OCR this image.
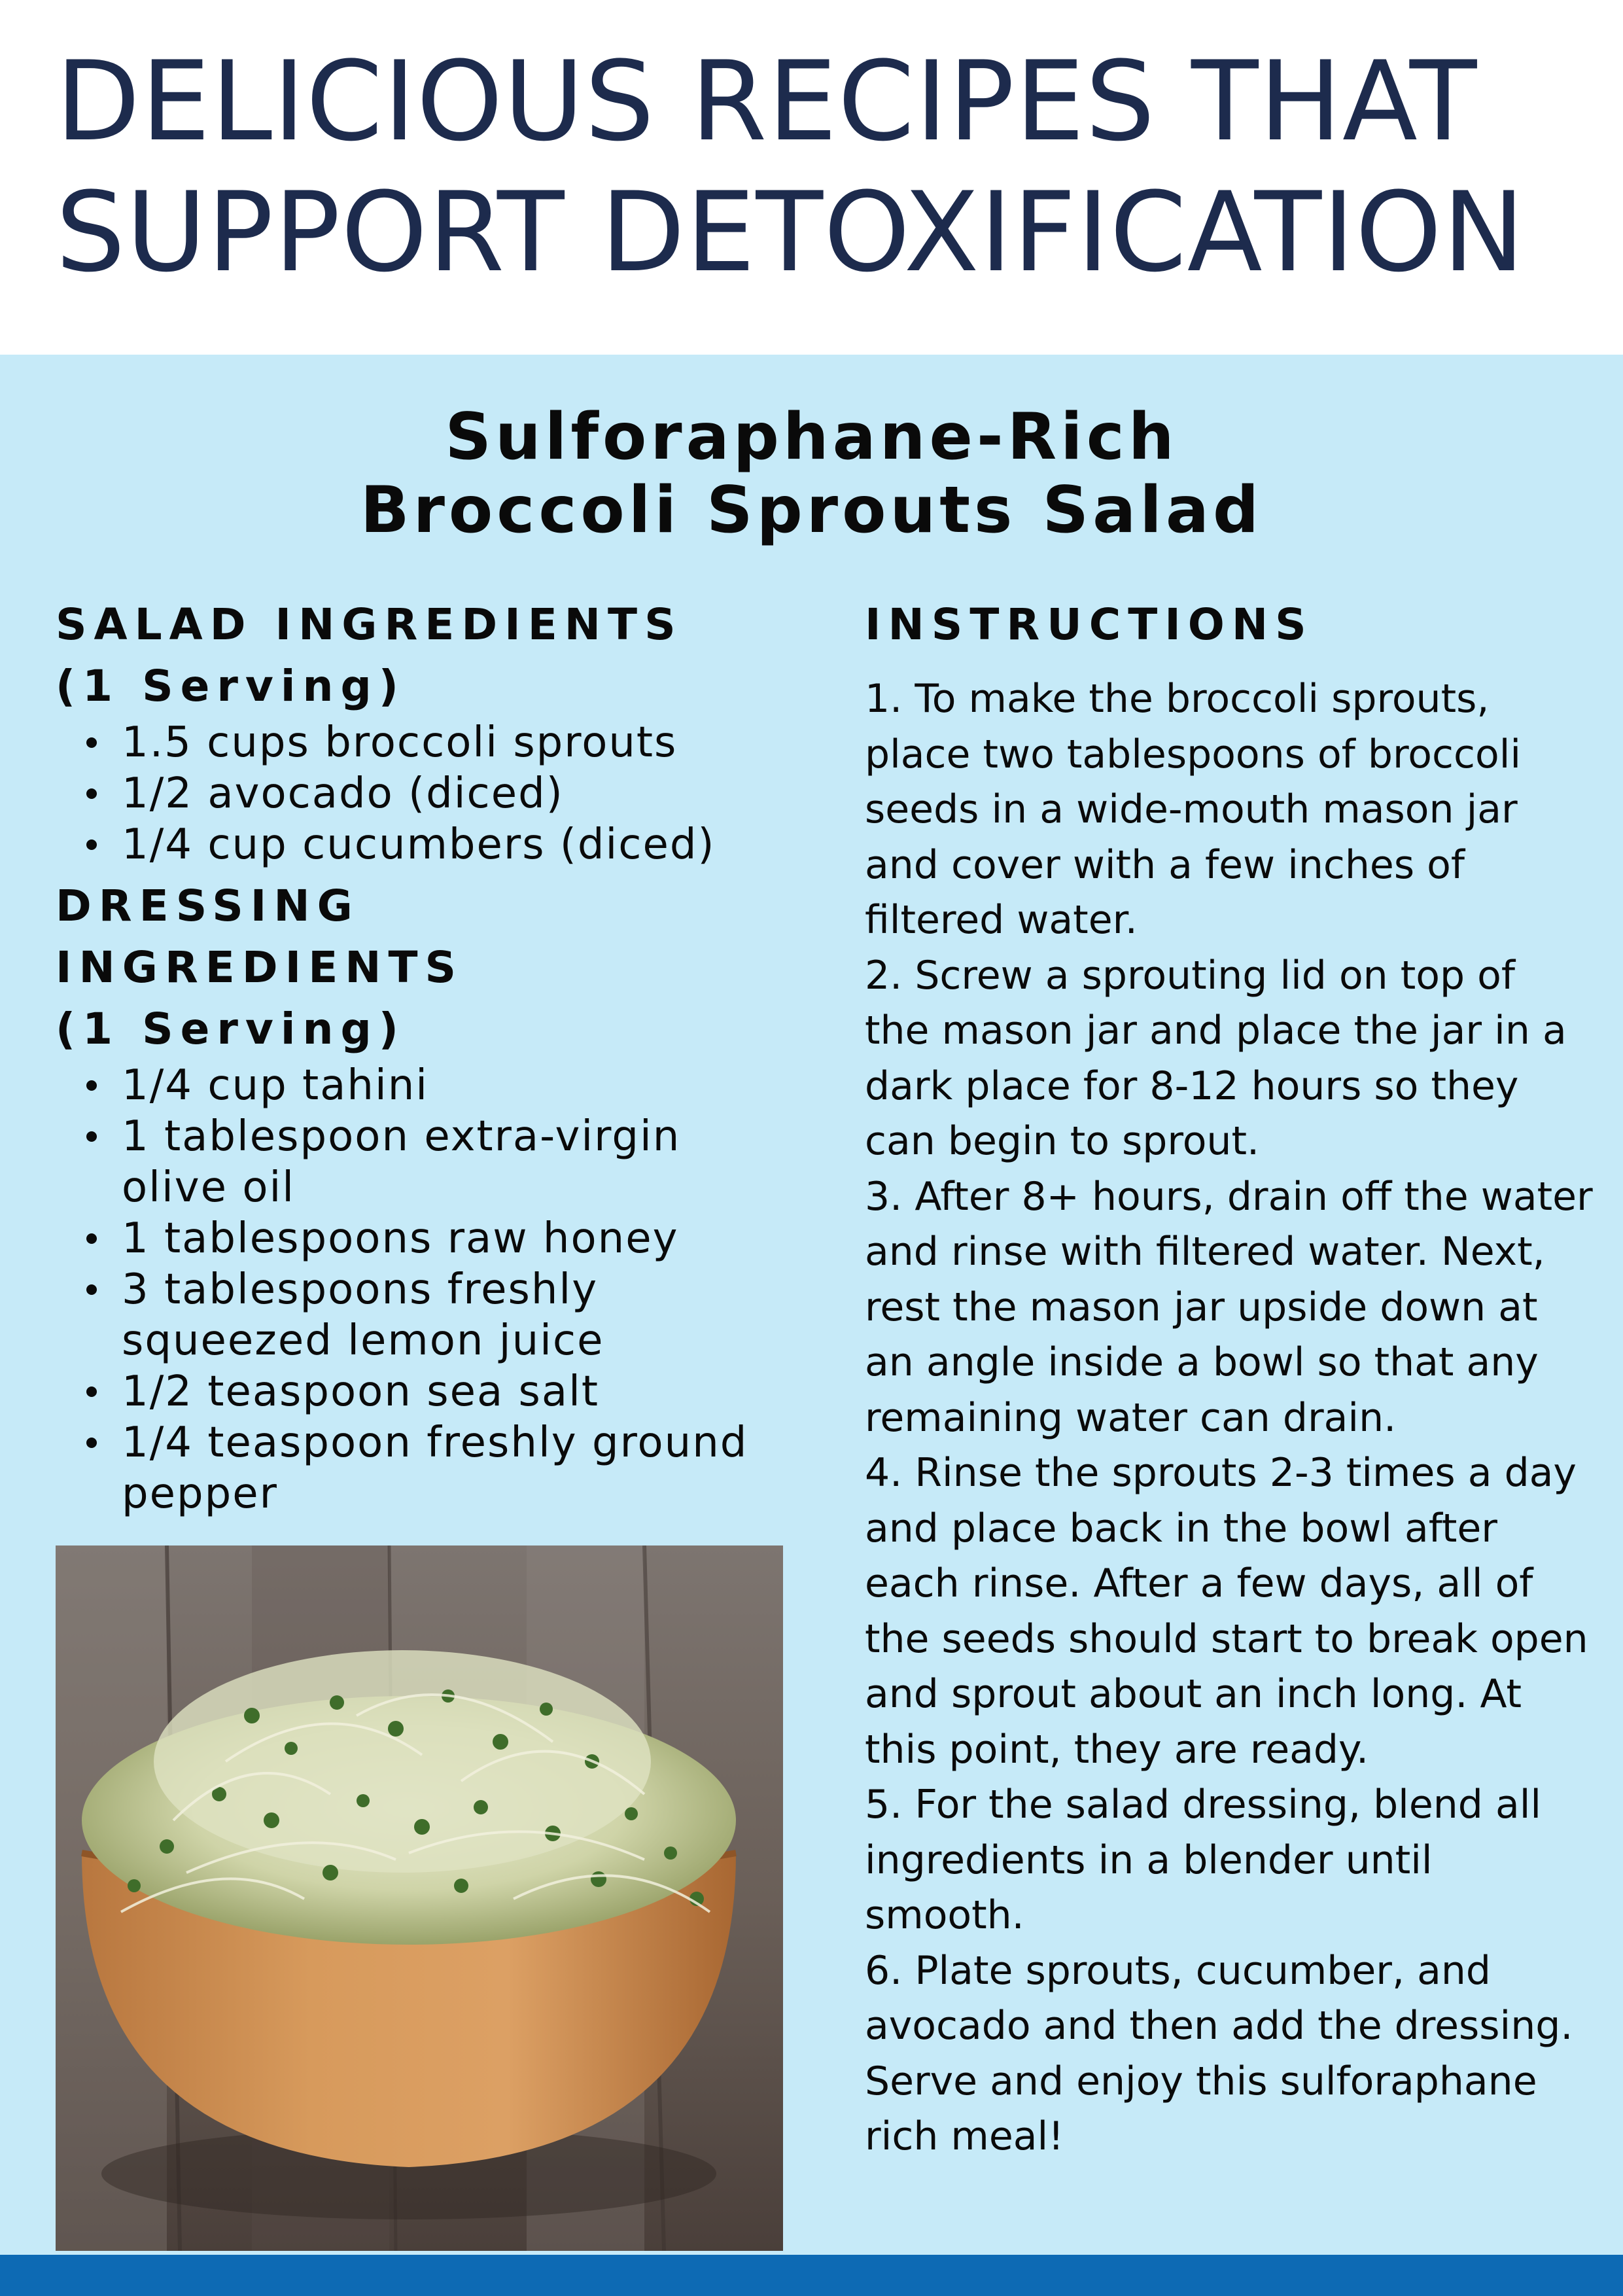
DELICIOUS RECIPES THAT
SUPPORT DETOXIFICATION
Sulforaphane-Rich
Broccoli Sprouts Salad
SALAD INGREDIENTS
(1 Serving)
1.5 cups broccoli sprouts
1/2 avocado (diced)
1/4 cup cucumbers (diced)
DRESSING INGREDIENTS
(1 Serving)
1/4 cup tahini
1 tablespoon extra-virgin
olive oil
1 tablespoons raw honey
3 tablespoons freshly
squeezed lemon juice
1/2 teaspoon sea salt
1/4 teaspoon freshly ground
pepper
INSTRUCTIONS
1. To make the broccoli sprouts,
place two tablespoons of broccoli
seeds in a wide-mouth mason jar
and cover with a few inches of
filtered water.
2. Screw a sprouting lid on top of
the mason jar and place the jar in a
dark place for 8-12 hours so they
can begin to sprout.
3. After 8+ hours, drain off the water
and rinse with filtered water. Next,
rest the mason jar upside down at
an angle inside a bowl so that any
remaining water can drain.
4. Rinse the sprouts 2-3 times a day
and place back in the bowl after
each rinse. After a few days, all of
the seeds should start to break open
and sprout about an inch long. At
this point, they are ready.
5. For the salad dressing, blend all
ingredients in a blender until
smooth.
6. Plate sprouts, cucumber, and
avocado and then add the dressing.
Serve and enjoy this sulforaphane
rich meal!
